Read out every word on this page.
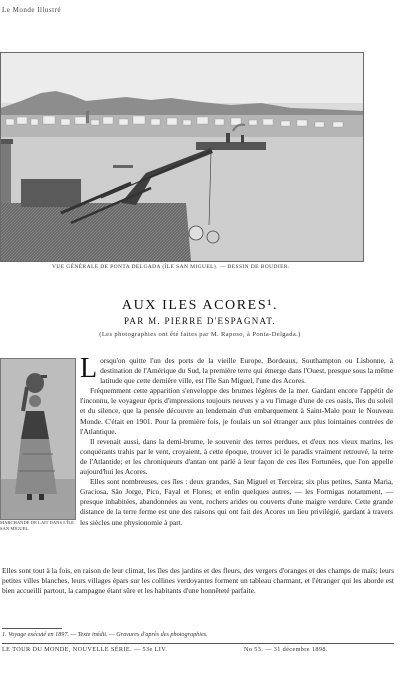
Le Monde Illustré
VUE GÉNÉRALE DE PONTA DELGADA (ÎLE SAN MIGUEL). — DESSIN DE BOUDIER.
AUX ILES ACORES¹.
PAR M. PIERRE D'ESPAGNAT.
(Les photographies ont été faites par M. Raposo, à Ponta-Delgada.)
MARCHANDE DE LAIT DANS L'ÎLE SAN MIGUEL.

Lorsqu'on quitte l'un des ports de la vieille Europe, Bordeaux, Southampton ou Lisbonne, à destination de l'Amérique du Sud, la première terre qui émerge dans l'Ouest, presque sous la même latitude que cette dernière ville, est l'île San Miguel, l'une des Acores.

Fréquemment cette apparition s'enveloppe des brumes légères de la mer. Gardant encore l'appétit de l'inconnu, le voyageur épris d'impressions toujours neuves y a vu l'image d'une de ces oasis, îles du soleil et du silence, que la pensée découvre au lendemain d'un embarquement à Saint-Malo pour le Nouveau Monde. C'était en 1901. Pour la première fois, je foulais un sol étranger aux plus lointaines contrées de l'Atlantique.

Il revenait aussi, dans la demi-brume, le souvenir des terres perdues, et d'eux nos vieux marins, les conquérants trahis par le vent, croyaient, à cette époque, trouver ici le paradis vraiment retrouvé, la terre de l'Atlantide; et les chroniqueurs d'antan ont parlé à leur façon de ces îles Fortunées, que l'on appelle aujourd'hui les Acores.

Elles sont nombreuses, ces îles : deux grandes, San Miguel et Terceira; six plus petites, Santa Maria, Graciosa, São Jorge, Pico, Fayal et Flores; et enfin quelques autres, — les Formigas notamment, — presque inhabitées, abandonnées au vent, rochers arides ou couverts d'une maigre verdure. Cette grande distance de la terre ferme est une des raisons qui ont fait des Acores un lieu privilégié, gardant à travers les siècles une physionomie à part.

Elles sont tout à la fois, en raison de leur climat, les îles des jardins et des fleurs, des vergers d'oranges et des champs de maïs; leurs petites villes blanches, leurs villages épars sur les collines verdoyantes forment un tableau charmant, et l'étranger qui les aborde est bien accueilli partout, la campagne étant sûre et les habitants d'une honnêteté parfaite.

1. Voyage exécuté en 1897. — Texte inédit. — Gravures d'après des photographies.
LE TOUR DU MONDE, NOUVELLE SÉRIE. — 53e LIV.	No 53. — 31 décembre 1898.
